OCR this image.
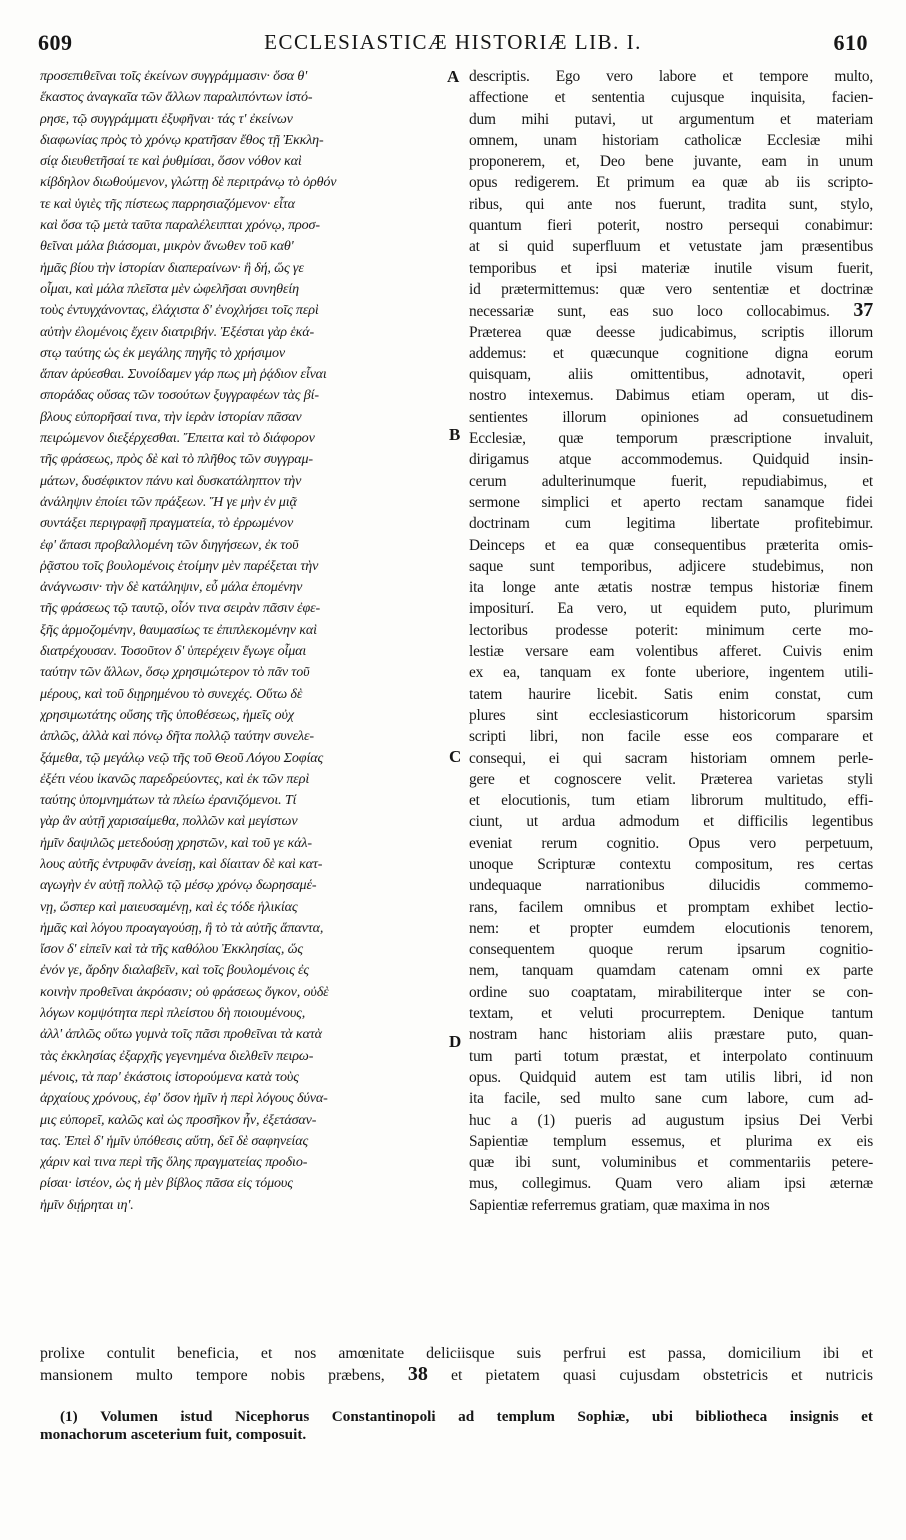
609	ECCLESIASTICÆ HISTORIÆ LIB. I.	610
προσεπιθεῖναι τοῖς ἐκείνων συγγράμμασιν· ὅσα θ'
ἕκαστος ἀναγκαῖα τῶν ἄλλων παραλιπόντων ἱστό-
ρησε, τῷ συγγράμματι ἐξυφῆναι· τάς τ' ἐκείνων
διαφωνίας πρὸς τὸ χρόνῳ κρατῆσαν ἔθος τῇ Ἐκκλη-
σίᾳ διευθετῆσαί τε καὶ ῥυθμίσαι, ὅσον νόθον καὶ
κίβδηλον διωθούμενον, γλώττῃ δὲ περιτράνῳ τὸ ὀρθόν
τε καὶ ὑγιὲς τῆς πίστεως παρρησιαζόμενον· εἶτα
καὶ ὅσα τῷ μετὰ ταῦτα παραλέλειπται χρόνῳ, προσ-
θεῖναι μάλα βιάσομαι, μικρὸν ἄνωθεν τοῦ καθ'
ἡμᾶς βίου τὴν ἱστορίαν διαπεραίνων· ἣ δή, ὥς γε
οἶμαι, καὶ μάλα πλεῖστα μὲν ὠφελῆσαι συνηθείη
τοὺς ἐντυγχάνοντας, ἐλάχιστα δ' ἐνοχλήσει τοῖς περὶ
αὐτὴν ἐλομένοις ἔχειν διατριβήν. Ἐξέσται γὰρ ἑκά-
στῳ ταύτης ὡς ἐκ μεγάλης πηγῆς τὸ χρήσιμον
ἅπαν ἀρύεσθαι. Συνοίδαμεν γάρ πως μὴ ῥᾴδιον εἶναι
σποράδας οὔσας τῶν τοσούτων ξυγγραφέων τὰς βί-
βλους εὐπορῆσαί τινα, τὴν ἱερὰν ἱστορίαν πᾶσαν
πειρώμενον διεξέρχεσθαι. Ἔπειτα καὶ τὸ διάφορον
τῆς φράσεως, πρὸς δὲ καὶ τὸ πλῆθος τῶν συγγραμ-
μάτων, δυσέφικτον πάνυ καὶ δυσκατάληπτον τὴν
ἀνάληψιν ἐποίει τῶν πράξεων. Ἥ γε μὴν ἐν μιᾷ
συντάξει περιγραφῇ πραγματεία, τὸ ἐρρωμένον
ἐφ' ἅπασι προβαλλομένη τῶν διηγήσεων, ἐκ τοῦ
ῥᾷστου τοῖς βουλομένοις ἑτοίμην μὲν παρέξεται τὴν
ἀνάγνωσιν· τὴν δὲ κατάληψιν, εὖ μάλα ἑπομένην
τῆς φράσεως τῷ ταυτῷ, οἷόν τινα σειρὰν πᾶσιν ἐφε-
ξῆς ἁρμοζομένην, θαυμασίως τε ἐπιπλεκομένην καὶ
διατρέχουσαν. Τοσοῦτον δ' ὑπερέχειν ἔγωγε οἶμαι
ταύτην τῶν ἄλλων, ὅσῳ χρησιμώτερον τὸ πᾶν τοῦ
μέρους, καὶ τοῦ διῃρημένου τὸ συνεχές. Οὕτω δὲ
χρησιμωτάτης οὔσης τῆς ὑποθέσεως, ἡμεῖς οὐχ
ἁπλῶς, ἀλλὰ καὶ πόνῳ δῆτα πολλῷ ταύτην συνελε-
ξάμεθα, τῷ μεγάλῳ νεῷ τῆς τοῦ Θεοῦ Λόγου Σοφίας
ἐξέτι νέου ἱκανῶς παρεδρεύοντες, καὶ ἐκ τῶν περὶ
ταύτης ὑπομνημάτων τὰ πλείω ἐρανιζόμενοι. Τί
γὰρ ἂν αὐτῇ χαρισαίμεθα, πολλῶν καὶ μεγίστων
ἡμῖν δαψιλῶς μετεδούσῃ χρηστῶν, καὶ τοῦ γε κάλ-
λους αὐτῆς ἐντρυφᾶν ἀνείσῃ, καὶ δίαιταν δὲ καὶ κατ-
αγωγὴν ἐν αὐτῇ πολλῷ τῷ μέσῳ χρόνῳ δωρησαμέ-
νῃ, ὥσπερ καὶ μαιευσαμένῃ, καὶ ἐς τόδε ἡλικίας
ἡμᾶς καὶ λόγου προαγαγούσῃ, ἢ τὸ τὰ αὐτῆς ἅπαντα,
ἴσον δ' εἰπεῖν καὶ τὰ τῆς καθόλου Ἐκκλησίας, ὥς
ἐνόν γε, ἄρδην διαλαβεῖν, καὶ τοῖς βουλομένοις ἐς
κοινὴν προθεῖναι ἀκρόασιν; οὐ φράσεως ὄγκον, οὐδὲ
λόγων κομψότητα περὶ πλείστου δὴ ποιουμένους,
ἀλλ' ἁπλῶς οὕτω γυμνὰ τοῖς πᾶσι προθεῖναι τὰ κατὰ
τὰς ἐκκλησίας ἐξαρχῆς γεγενημένα διελθεῖν πειρω-
μένοις, τὰ παρ' ἑκάστοις ἱστορούμενα κατὰ τοὺς
ἀρχαίους χρόνους, ἐφ' ὅσον ἡμῖν ἡ περὶ λόγους δύνα-
μις εὐπορεῖ, καλῶς καὶ ὡς προσῆκον ἦν, ἐξετάσαν-
τας. Ἐπεὶ δ' ἡμῖν ὑπόθεσις αὕτη, δεῖ δὲ σαφηνείας
χάριν καὶ τινα περὶ τῆς ὅλης πραγματείας προδιο-
ρίσαι· ἰστέον, ὡς ἡ μὲν βίβλος πᾶσα εἰς τόμους
ἡμῖν διῄρηται ιη'.
descriptis. Ego vero labore et tempore multo,
affectione et sententia cujusque inquisita, facien-
dum mihi putavi, ut argumentum et materiam
omnem, unam historiam catholicæ Ecclesiæ mihi
proponerem, et, Deo bene juvante, eam in unum
opus redigerem. Et primum ea quæ ab iis scripto-
ribus, qui ante nos fuerunt, tradita sunt, stylo,
quantum fieri poterit, nostro persequi conabimur:
at si quid superfluum et vetustate jam præsentibus
temporibus et ipsi materiæ inutile visum fuerit,
id prætermittemus: quæ vero sententiæ et doctrinæ
necessariæ sunt, eas suo loco collocabimus. 37
Præterea quæ deesse judicabimus, scriptis illorum
addemus: et quæcunque cognitione digna eorum
quisquam, aliis omittentibus, adnotavit, operi
nostro intexemus. Dabimus etiam operam, ut dis-
sentientes illorum opiniones ad consuetudinem
Ecclesiæ, quæ temporum præscriptione invaluit,
dirigamus atque accommodemus. Quidquid insin-
cerum adulterinumque fuerit, repudiabimus, et
sermone simplici et aperto rectam sanamque fidei
doctrinam cum legitima libertate profitebimur.
Deinceps et ea quæ consequentibus præterita omis-
saque sunt temporibus, adjicere studebimus, non
ita longe ante ætatis nostræ tempus historiæ finem
impositurí. Ea vero, ut equidem puto, plurimum
lectoribus prodesse poterit: minimum certe mo-
lestiæ versare eam volentibus afferet. Cuivis enim
ex ea, tanquam ex fonte uberiore, ingentem utili-
tatem haurire licebit. Satis enim constat, cum
plures sint ecclesiasticorum historicorum sparsim
scripti libri, non facile esse eos comparare et
consequi, ei qui sacram historiam omnem perle-
gere et cognoscere velit. Præterea varietas styli
et elocutionis, tum etiam librorum multitudo, effi-
ciunt, ut ardua admodum et difficilis legentibus
eveniat rerum cognitio. Opus vero perpetuum,
unoque Scripturæ contextu compositum, res certas
undequaque narrationibus dilucidis commemo-
rans, facilem omnibus et promptam exhibet lectio-
nem: et propter eumdem elocutionis tenorem,
consequentem quoque rerum ipsarum cognitio-
nem, tanquam quamdam catenam omni ex parte
ordine suo coaptatam, mirabiliterque inter se con-
textam, et veluti procurreptem. Denique tantum
nostram hanc historiam aliis præstare puto, quan-
tum parti totum præstat, et interpolato continuum
opus. Quidquid autem est tam utilis libri, id non
ita facile, sed multo sane cum labore, cum ad-
huc a (1) pueris ad augustum ipsius Dei Verbi
Sapientiæ templum essemus, et plurima ex eis
quæ ibi sunt, voluminibus et commentariis petere-
mus, collegimus. Quam vero aliam ipsi æternæ
Sapientiæ referremus gratiam, quæ maxima in nos
A
B
C
D
prolixe contulit beneficia, et nos amœnitate deliciisque suis perfrui est passa, domicilium ibi et
mansionem multo tempore nobis præbens, 38 et pietatem quasi cujusdam obstetricis et nutricis
(1) Volumen istud Nicephorus Constantinopoli ad templum Sophiæ, ubi bibliotheca insignis et
monachorum asceterium fuit, composuit.
